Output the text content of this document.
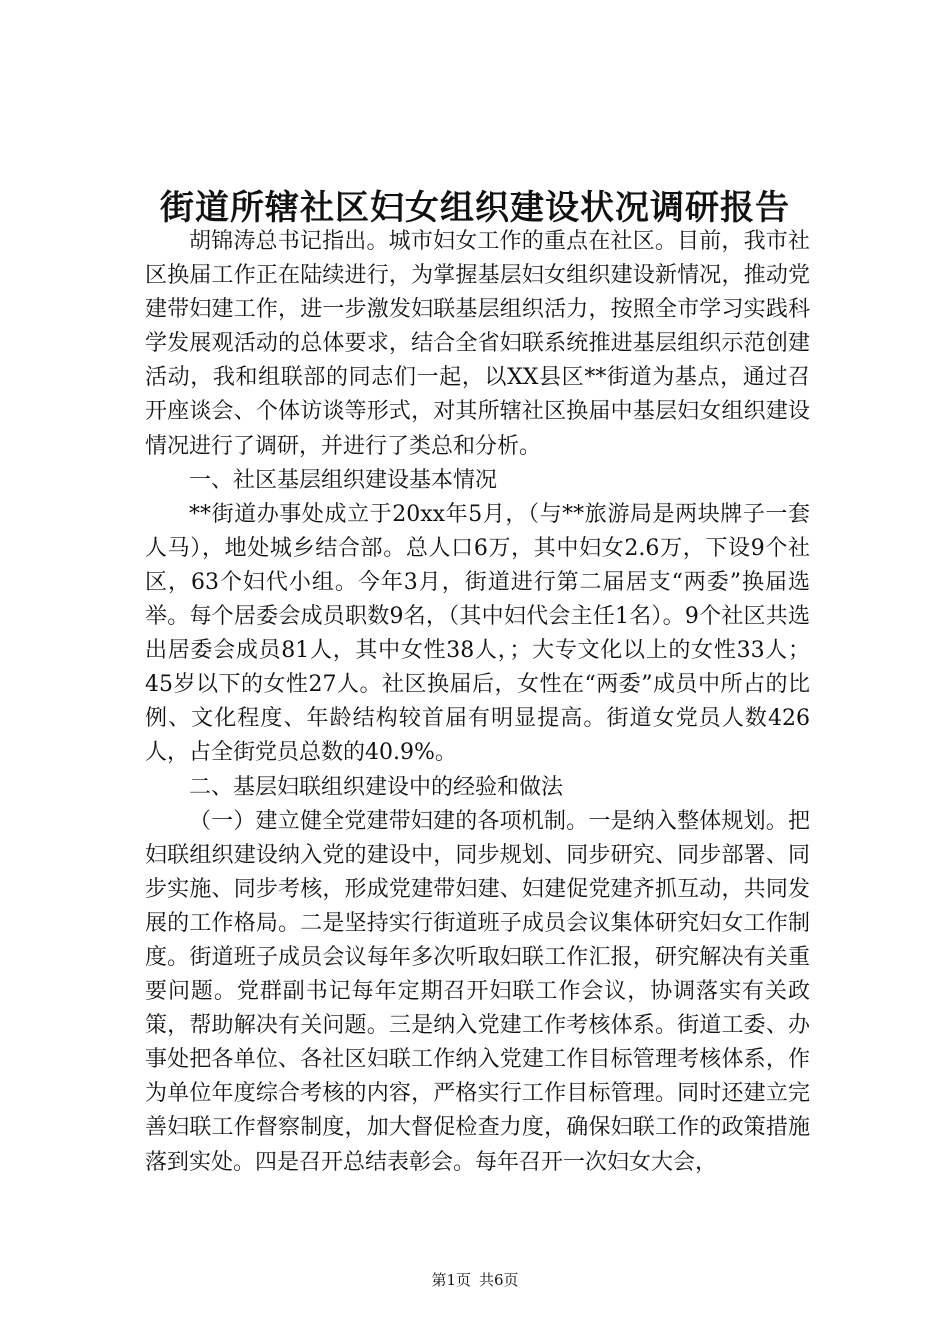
街道所辖社区妇女组织建设状况调研报告

胡锦涛总书记指出。城市妇女工作的重点在社区。目前，我市社区换届工作正在陆续进行，为掌握基层妇女组织建设新情况，推动党建带妇建工作，进一步激发妇联基层组织活力，按照全市学习实践科学发展观活动的总体要求，结合全省妇联系统推进基层组织示范创建活动，我和组联部的同志们一起，以XX县区**街道为基点，通过召开座谈会、个体访谈等形式，对其所辖社区换届中基层妇女组织建设情况进行了调研，并进行了类总和分析。

一、社区基层组织建设基本情况

**街道办事处成立于20xx年5月，（与**旅游局是两块牌子一套人马），地处城乡结合部。总人口6万，其中妇女2.6万，下设9个社区，63个妇代小组。今年3月，街道进行第二届居支“两委”换届选举。每个居委会成员职数9名，（其中妇代会主任1名）。9个社区共选出居委会成员81人，其中女性38人，；大专文化以上的女性33人；45岁以下的女性27人。社区换届后，女性在“两委”成员中所占的比例、文化程度、年龄结构较首届有明显提高。街道女党员人数426人，占全街党员总数的40.9%。

二、基层妇联组织建设中的经验和做法

（一）建立健全党建带妇建的各项机制。一是纳入整体规划。把妇联组织建设纳入党的建设中，同步规划、同步研究、同步部署、同步实施、同步考核，形成党建带妇建、妇建促党建齐抓互动，共同发展的工作格局。二是坚持实行街道班子成员会议集体研究妇女工作制度。街道班子成员会议每年多次听取妇联工作汇报，研究解决有关重要问题。党群副书记每年定期召开妇联工作会议，协调落实有关政策，帮助解决有关问题。三是纳入党建工作考核体系。街道工委、办事处把各单位、各社区妇联工作纳入党建工作目标管理考核体系，作为单位年度综合考核的内容，严格实行工作目标管理。同时还建立完善妇联工作督察制度，加大督促检查力度，确保妇联工作的政策措施落到实处。四是召开总结表彰会。每年召开一次妇女大会，

第1页 共6页
